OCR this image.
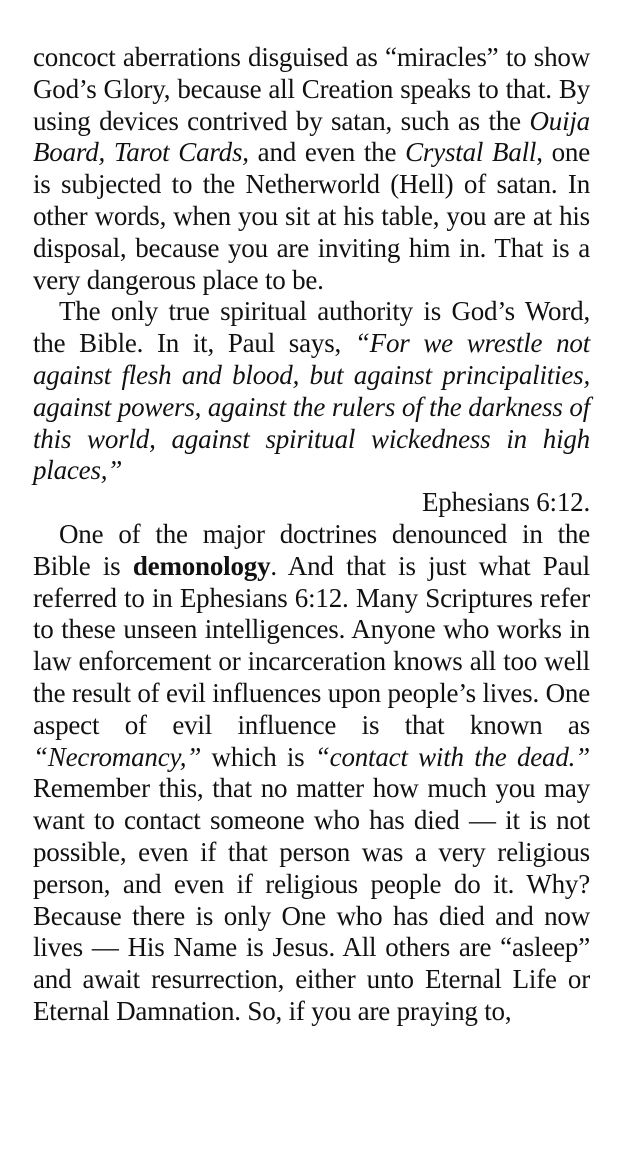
concoct aberrations disguised as “miracles” to show God’s Glory, because all Creation speaks to that. By using devices contrived by satan, such as the Ouija Board, Tarot Cards, and even the Crystal Ball, one is subjected to the Netherworld (Hell) of satan. In other words, when you sit at his table, you are at his disposal, because you are inviting him in. That is a very dangerous place to be.

The only true spiritual authority is God’s Word, the Bible. In it, Paul says, “For we wrestle not against flesh and blood, but against principalities, against powers, against the rulers of the darkness of this world, against spiritual wickedness in high places,”

Ephesians 6:12.

One of the major doctrines denounced in the Bible is demonology. And that is just what Paul referred to in Ephesians 6:12. Many Scriptures refer to these unseen intelligences. Anyone who works in law enforcement or incarceration knows all too well the result of evil influences upon people’s lives. One aspect of evil influence is that known as “Necromancy,” which is “contact with the dead.” Remember this, that no matter how much you may want to contact someone who has died — it is not possible, even if that person was a very religious person, and even if religious people do it. Why? Because there is only One who has died and now lives — His Name is Jesus. All others are “asleep” and await resurrection, either unto Eternal Life or Eternal Damnation. So, if you are praying to,
